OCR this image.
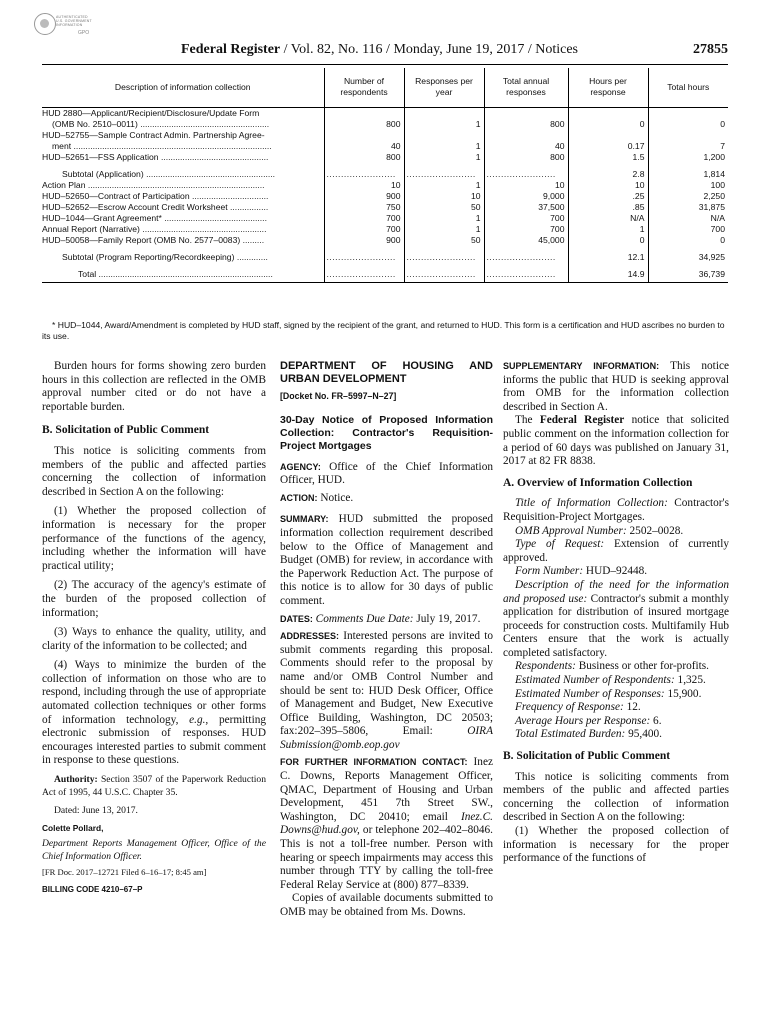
AUTHENTICATED
U.S. GOVERNMENT
INFORMATION
GPO
Federal Register / Vol. 82, No. 116 / Monday, June 19, 2017 / Notices	27855
Description of information collection	Number of respondents	Responses per year	Total annual responses	Hours per response	Total hours
HUD 2880—Applicant/Recipient/Disclosure/Update Form
(OMB No. 2510–0011) ......................................................	800	1	800	0	0
HUD–52755—Sample Contract Admin. Partnership Agree-
ment ...................................................................................	40	1	40	0.17	7
HUD–52651—FSS Application .............................................	800	1	800	1.5	1,200

Subtotal (Application) ......................................................	........................	........................	........................	2.8	1,814
Action Plan ..........................................................................	10	1	10	10	100
HUD–52650—Contract of Participation ................................	900	10	9,000	.25	2,250
HUD–52652—Escrow Account Credit Worksheet ................	750	50	37,500	.85	31,875
HUD–1044—Grant Agreement* ...........................................	700	1	700	N/A	N/A
Annual Report (Narrative) ....................................................	700	1	700	1	700
HUD–50058—Family Report (OMB No. 2577–0083) .........	900	50	45,000	0	0

Subtotal (Program Reporting/Recordkeeping) .............	........................	........................	........................	12.1	34,925

Total .........................................................................	........................	........................	........................	14.9	36,739
* HUD–1044, Award/Amendment is completed by HUD staff, signed by the recipient of the grant, and returned to HUD. This form is a certification and HUD ascribes no burden to its use.

Burden hours for forms showing zero burden hours in this collection are reflected in the OMB approval number cited or do not have a reportable burden.

B. Solicitation of Public Comment

This notice is soliciting comments from members of the public and affected parties concerning the collection of information described in Section A on the following:

(1) Whether the proposed collection of information is necessary for the proper performance of the functions of the agency, including whether the information will have practical utility;

(2) The accuracy of the agency's estimate of the burden of the proposed collection of information;

(3) Ways to enhance the quality, utility, and clarity of the information to be collected; and

(4) Ways to minimize the burden of the collection of information on those who are to respond, including through the use of appropriate automated collection techniques or other forms of information technology, e.g., permitting electronic submission of responses. HUD encourages interested parties to submit comment in response to these questions.

Authority: Section 3507 of the Paperwork Reduction Act of 1995, 44 U.S.C. Chapter 35.

Dated: June 13, 2017.

Colette Pollard,

Department Reports Management Officer, Office of the Chief Information Officer.

[FR Doc. 2017–12721 Filed 6–16–17; 8:45 am]

BILLING CODE 4210–67–P

DEPARTMENT OF HOUSING AND URBAN DEVELOPMENT

[Docket No. FR–5997–N–27]

30-Day Notice of Proposed Information Collection: Contractor's Requisition-Project Mortgages

AGENCY: Office of the Chief Information Officer, HUD.

ACTION: Notice.

SUMMARY: HUD submitted the proposed information collection requirement described below to the Office of Management and Budget (OMB) for review, in accordance with the Paperwork Reduction Act. The purpose of this notice is to allow for 30 days of public comment.

DATES: Comments Due Date: July 19, 2017.

ADDRESSES: Interested persons are invited to submit comments regarding this proposal. Comments should refer to the proposal by name and/or OMB Control Number and should be sent to: HUD Desk Officer, Office of Management and Budget, New Executive Office Building, Washington, DC 20503; fax:202–395–5806, Email: OIRA Submission@omb.eop.gov

FOR FURTHER INFORMATION CONTACT: Inez C. Downs, Reports Management Officer, QMAC, Department of Housing and Urban Development, 451 7th Street SW., Washington, DC 20410; email Inez.C. Downs@hud.gov, or telephone 202–402–8046. This is not a toll-free number. Person with hearing or speech impairments may access this number through TTY by calling the toll-free Federal Relay Service at (800) 877–8339.

Copies of available documents submitted to OMB may be obtained from Ms. Downs.

SUPPLEMENTARY INFORMATION: This notice informs the public that HUD is seeking approval from OMB for the information collection described in Section A.

The Federal Register notice that solicited public comment on the information collection for a period of 60 days was published on January 31, 2017 at 82 FR 8838.

A. Overview of Information Collection

Title of Information Collection: Contractor's Requisition-Project Mortgages.

OMB Approval Number: 2502–0028.

Type of Request: Extension of currently approved.

Form Number: HUD–92448.

Description of the need for the information and proposed use: Contractor's submit a monthly application for distribution of insured mortgage proceeds for construction costs. Multifamily Hub Centers ensure that the work is actually completed satisfactory.

Respondents: Business or other for-profits.

Estimated Number of Respondents: 1,325.

Estimated Number of Responses: 15,900.

Frequency of Response: 12.

Average Hours per Response: 6.

Total Estimated Burden: 95,400.

B. Solicitation of Public Comment

This notice is soliciting comments from members of the public and affected parties concerning the collection of information described in Section A on the following:

(1) Whether the proposed collection of information is necessary for the proper performance of the functions of
